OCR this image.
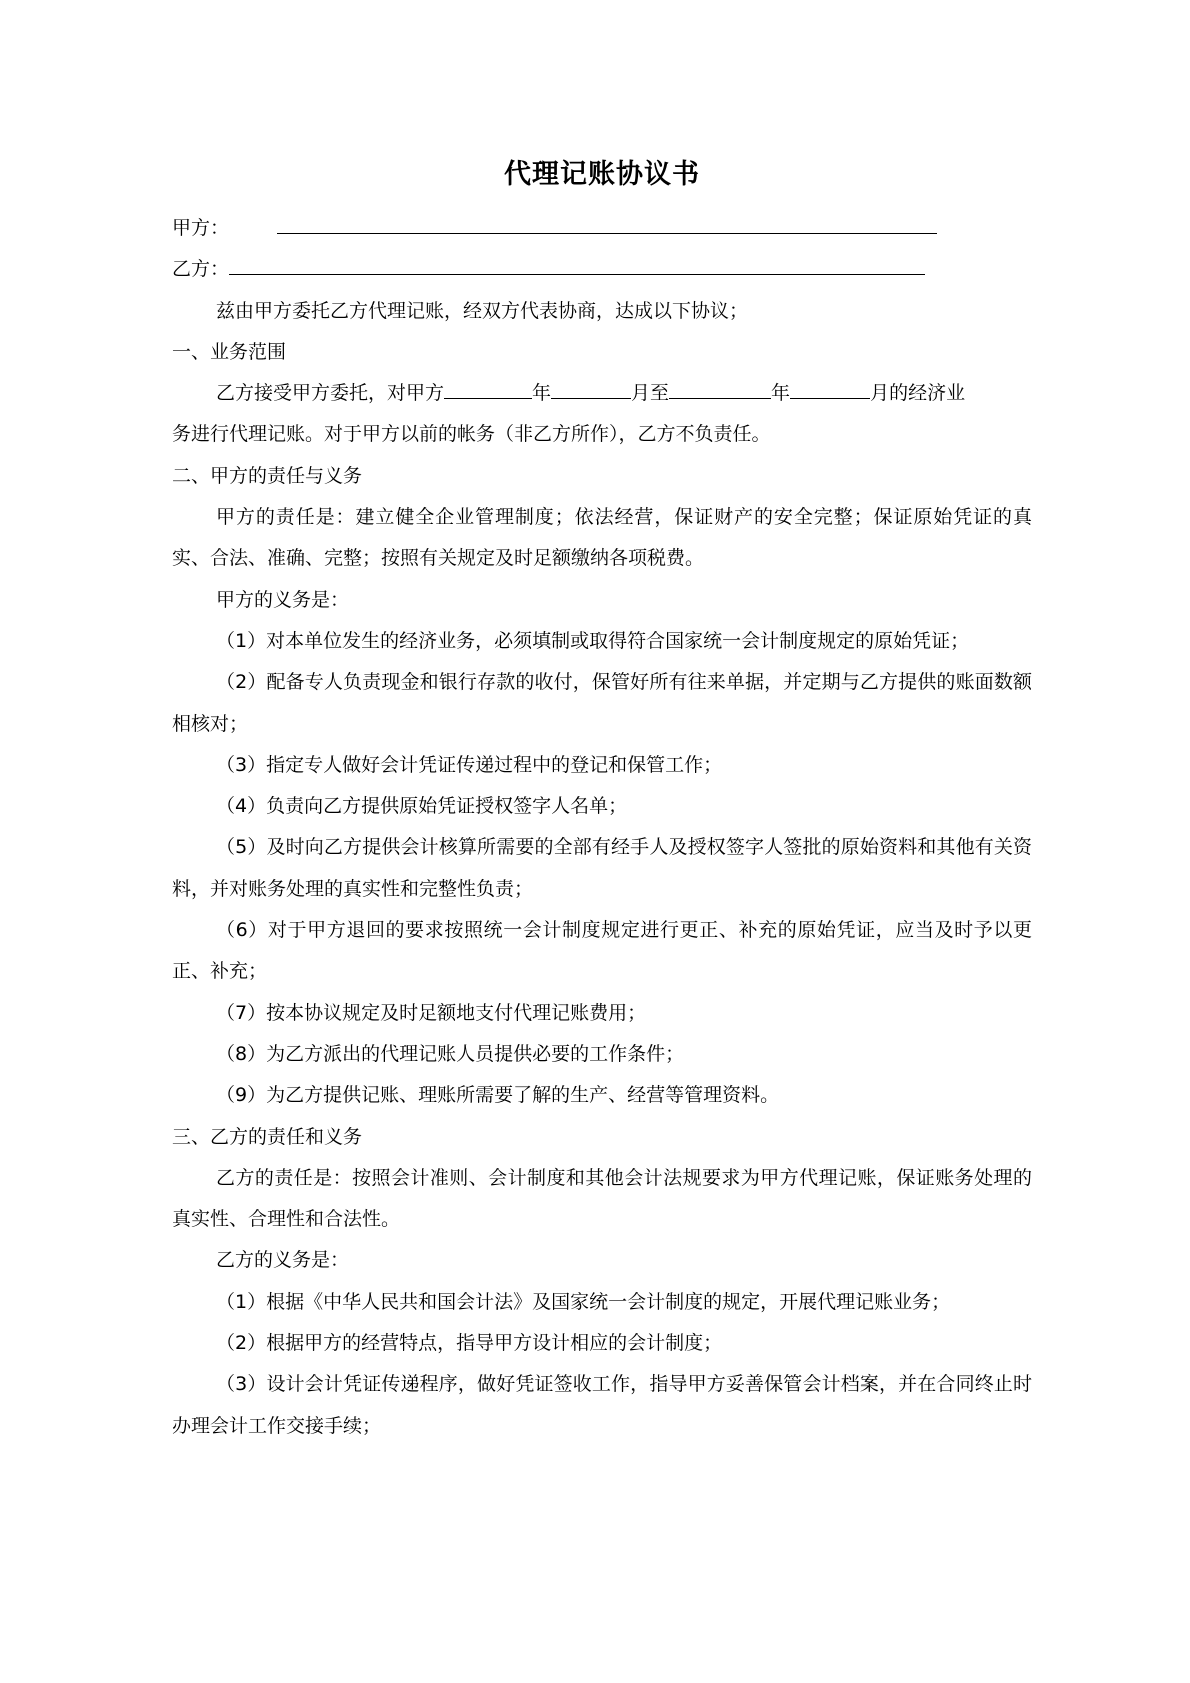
代理记账协议书

甲方：

乙方：

兹由甲方委托乙方代理记账，经双方代表协商，达成以下协议；

一、业务范围

乙方接受甲方委托，对甲方	年	月至	年	月的经济业

务进行代理记账。对于甲方以前的帐务（非乙方所作），乙方不负责任。

二、甲方的责任与义务

甲方的责任是：建立健全企业管理制度；依法经营，保证财产的安全完整；保证原始凭证的真实、合法、准确、完整；按照有关规定及时足额缴纳各项税费。

甲方的义务是：

（1）对本单位发生的经济业务，必须填制或取得符合国家统一会计制度规定的原始凭证；

（2）配备专人负责现金和银行存款的收付，保管好所有往来单据，并定期与乙方提供的账面数额相核对；

（3）指定专人做好会计凭证传递过程中的登记和保管工作；

（4）负责向乙方提供原始凭证授权签字人名单；

（5）及时向乙方提供会计核算所需要的全部有经手人及授权签字人签批的原始资料和其他有关资料，并对账务处理的真实性和完整性负责；

（6）对于甲方退回的要求按照统一会计制度规定进行更正、补充的原始凭证，应当及时予以更正、补充；

（7）按本协议规定及时足额地支付代理记账费用；

（8）为乙方派出的代理记账人员提供必要的工作条件；

（9）为乙方提供记账、理账所需要了解的生产、经营等管理资料。

三、乙方的责任和义务

乙方的责任是：按照会计准则、会计制度和其他会计法规要求为甲方代理记账，保证账务处理的真实性、合理性和合法性。

乙方的义务是：

（1）根据《中华人民共和国会计法》及国家统一会计制度的规定，开展代理记账业务；

（2）根据甲方的经营特点，指导甲方设计相应的会计制度；

（3）设计会计凭证传递程序，做好凭证签收工作，指导甲方妥善保管会计档案，并在合同终止时办理会计工作交接手续；
